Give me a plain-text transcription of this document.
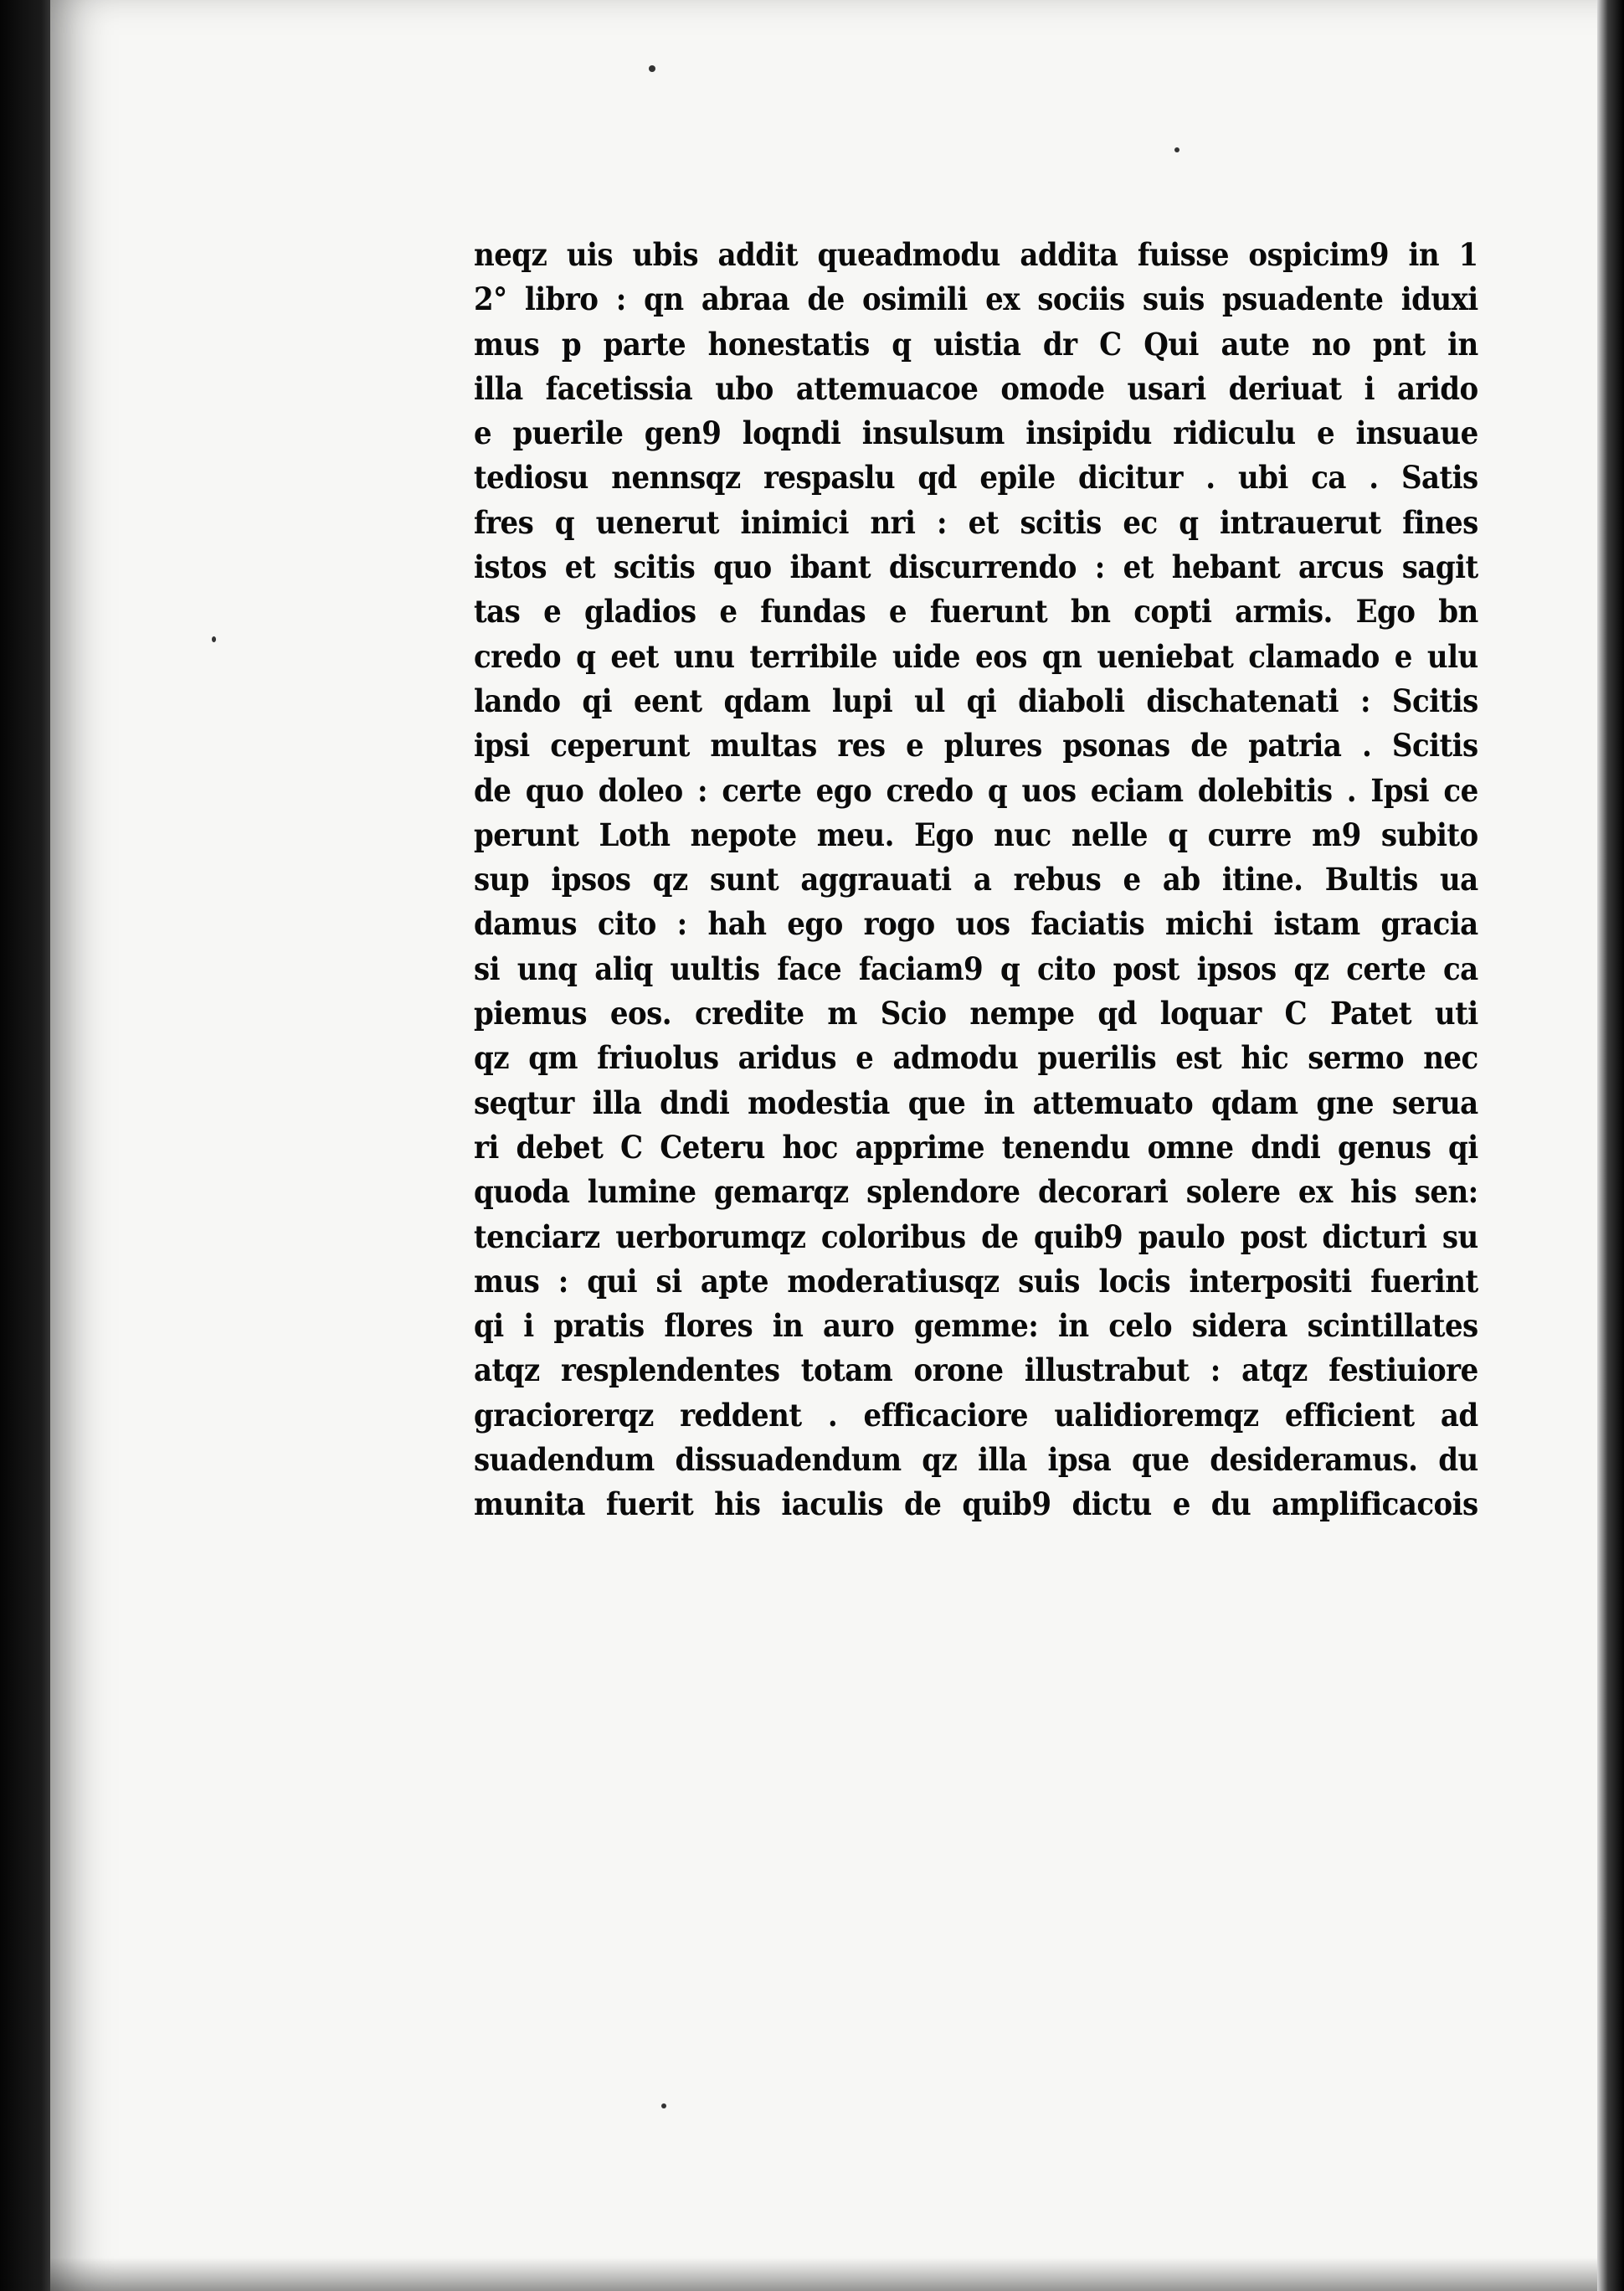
neqz uis ubis addit queadmodu addita fuisse ospicim9 in 1
2° libro : qn abraa de osimili ex sociis suis psuadente iduxi
mus p parte honestatis q uistia dr C Qui aute no pnt in
illa facetissia ubo attemuacoe omode usari deriuat i arido
e puerile gen9 loqndi insulsum insipidu ridiculu e insuaue
tediosu nennsqz respaslu qd epile dicitur . ubi ca . Satis
fres q uenerut inimici nri : et scitis ec q intrauerut fines
istos et scitis quo ibant discurrendo : et hebant arcus sagit
tas e gladios e fundas e fuerunt bn copti armis. Ego bn
credo q eet unu terribile uide eos qn ueniebat clamado e ulu
lando qi eent qdam lupi ul qi diaboli dischatenati : Scitis
ipsi ceperunt multas res e plures psonas de patria . Scitis
de quo doleo : certe ego credo q uos eciam dolebitis . Ipsi ce
perunt Loth nepote meu. Ego nuc nelle q curre m9 subito
sup ipsos qz sunt aggrauati a rebus e ab itine. Bultis ua
damus cito : hah ego rogo uos faciatis michi istam gracia
si unq aliq uultis face faciam9 q cito post ipsos qz certe ca
piemus eos. credite m Scio nempe qd loquar C Patet uti
qz qm friuolus aridus e admodu puerilis est hic sermo nec
seqtur illa dndi modestia que in attemuato qdam gne serua
ri debet C Ceteru hoc apprime tenendu omne dndi genus qi
quoda lumine gemarqz splendore decorari solere ex his sen:
tenciarz uerborumqz coloribus de quib9 paulo post dicturi su
mus : qui si apte moderatiusqz suis locis interpositi fuerint
qi i pratis flores in auro gemme: in celo sidera scintillates
atqz resplendentes totam orone illustrabut : atqz festiuiore
graciorerqz reddent . efficaciore ualidioremqz efficient ad
suadendum dissuadendum qz illa ipsa que desideramus. du
munita fuerit his iaculis de quib9 dictu e du amplificacois
